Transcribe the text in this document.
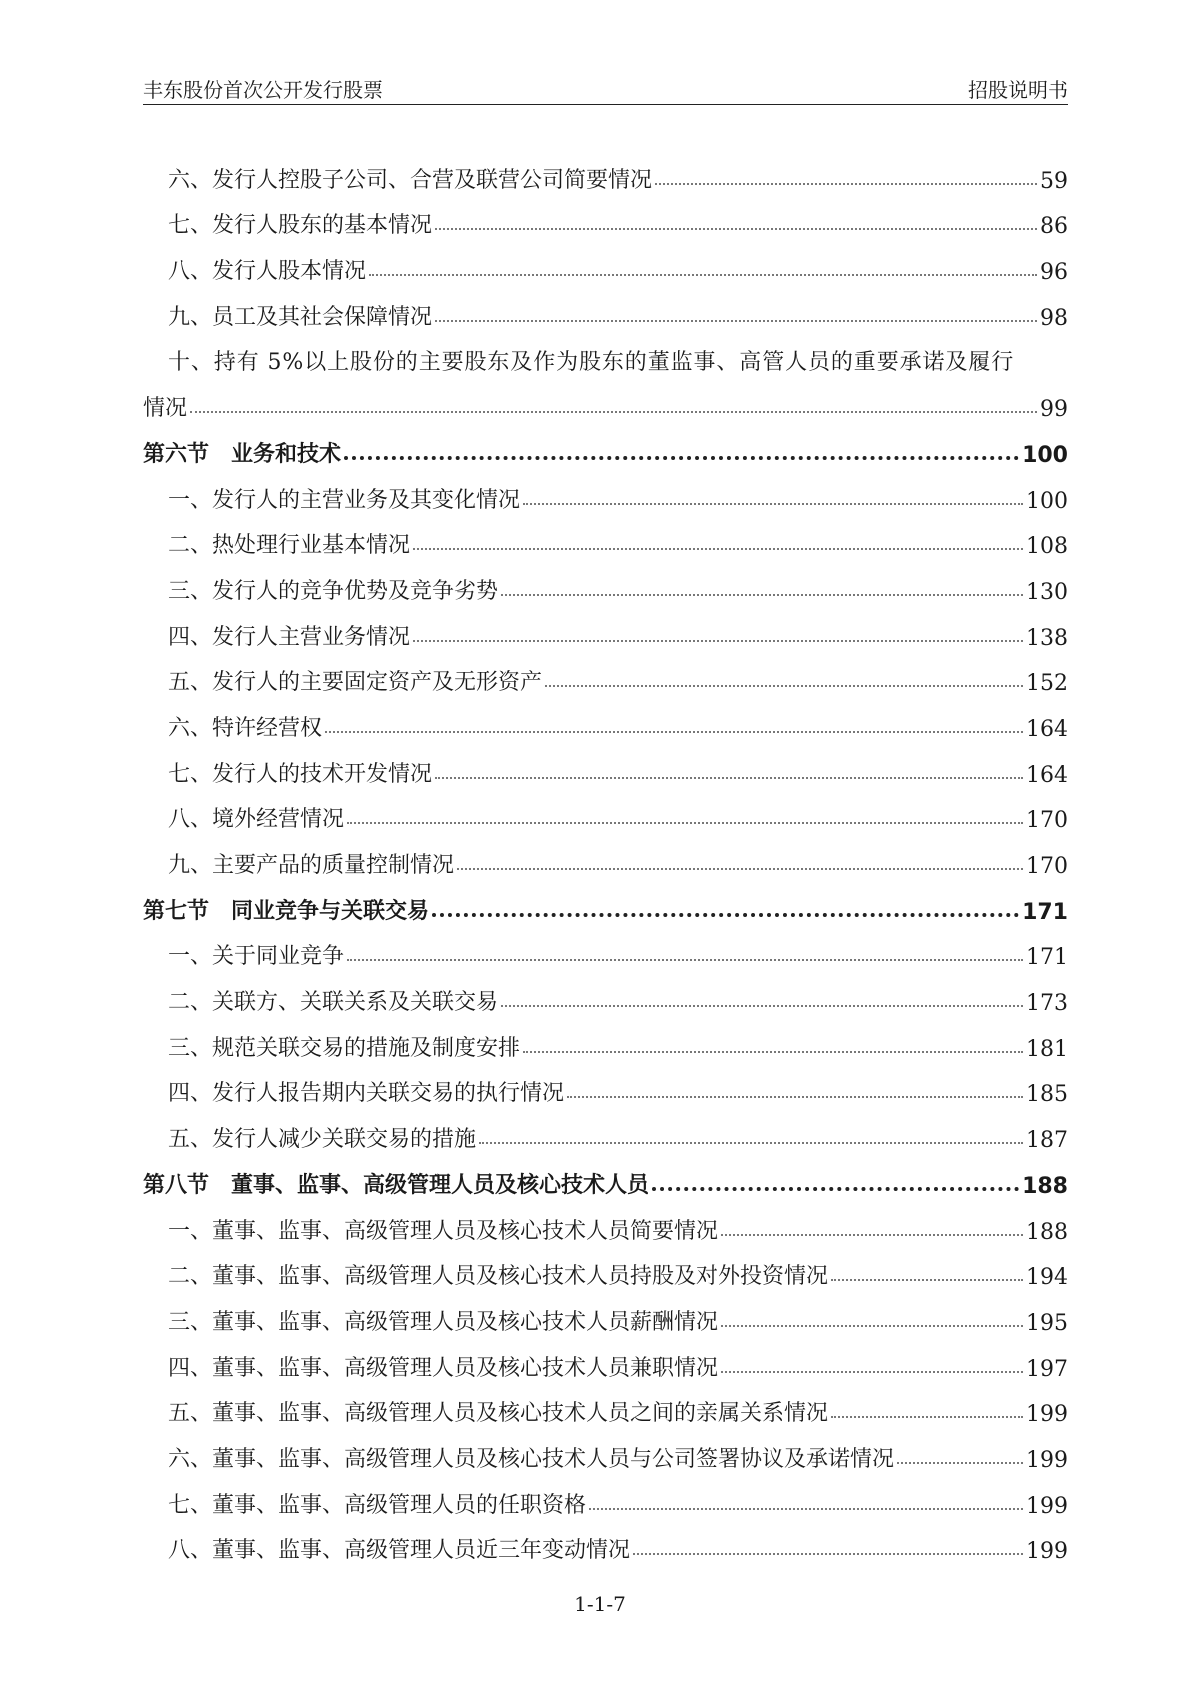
丰东股份首次公开发行股票	招股说明书
六、发行人控股子公司、合营及联营公司简要情况	59
七、发行人股东的基本情况	86
八、发行人股本情况	96
九、员工及其社会保障情况	98
十、持有 5%以上股份的主要股东及作为股东的董监事、高管人员的重要承诺及履行
情况	99
第六节　业务和技术	100
一、发行人的主营业务及其变化情况	100
二、热处理行业基本情况	108
三、发行人的竞争优势及竞争劣势	130
四、发行人主营业务情况	138
五、发行人的主要固定资产及无形资产	152
六、特许经营权	164
七、发行人的技术开发情况	164
八、境外经营情况	170
九、主要产品的质量控制情况	170
第七节　同业竞争与关联交易	171
一、关于同业竞争	171
二、关联方、关联关系及关联交易	173
三、规范关联交易的措施及制度安排	181
四、发行人报告期内关联交易的执行情况	185
五、发行人减少关联交易的措施	187
第八节　董事、监事、高级管理人员及核心技术人员	188
一、董事、监事、高级管理人员及核心技术人员简要情况	188
二、董事、监事、高级管理人员及核心技术人员持股及对外投资情况	194
三、董事、监事、高级管理人员及核心技术人员薪酬情况	195
四、董事、监事、高级管理人员及核心技术人员兼职情况	197
五、董事、监事、高级管理人员及核心技术人员之间的亲属关系情况	199
六、董事、监事、高级管理人员及核心技术人员与公司签署协议及承诺情况	199
七、董事、监事、高级管理人员的任职资格	199
八、董事、监事、高级管理人员近三年变动情况	199
1-1-7
